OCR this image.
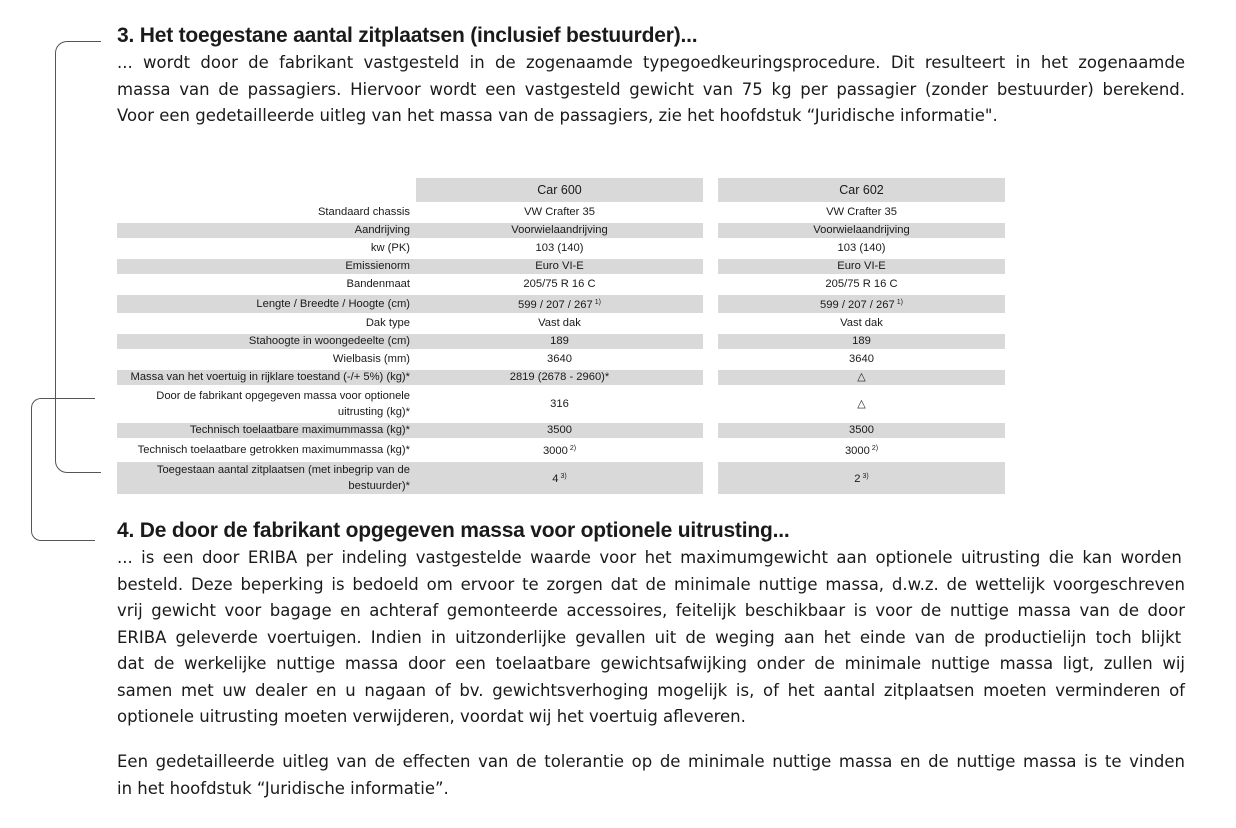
3. Het toegestane aantal zitplaatsen (inclusief bestuurder)...

... wordt door de fabrikant vastgesteld in de zogenaamde typegoedkeuringsprocedure. Dit resulteert in het zogenaamde
massa van de passagiers. Hiervoor wordt een vastgesteld gewicht van 75 kg per passagier (zonder bestuurder) berekend.
Voor een gedetailleerde uitleg van het massa van de passagiers, zie het hoofdstuk “Juridische informatie".

	Car 600		Car 602
Standaard chassis	VW Crafter 35		VW Crafter 35
Aandrijving	Voorwielaandrijving		Voorwielaandrijving
kw (PK)	103 (140)		103 (140)
Emissienorm	Euro VI-E		Euro VI-E
Bandenmaat	205/75 R 16 C		205/75 R 16 C
Lengte / Breedte / Hoogte (cm)	599 / 207 / 267 $^{1)}$		599 / 207 / 267 $^{1)}$
Dak type	Vast dak		Vast dak
Stahoogte in woongedeelte (cm)	189		189
Wielbasis (mm)	3640		3640
Massa van het voertuig in rijklare toestand (-/+ 5%) (kg)*	2819 (2678 - 2960)*		△
Door de fabrikant opgegeven massa voor optionele uitrusting (kg)*	316		△
Technisch toelaatbare maximummassa (kg)*	3500		3500
Technisch toelaatbare getrokken maximummassa (kg)*	3000 $^{2)}$		3000 $^{2)}$
Toegestaan aantal zitplaatsen (met inbegrip van de bestuurder)*	4 $^{3)}$		2 $^{3)}$
4. De door de fabrikant opgegeven massa voor optionele uitrusting...

... is een door ERIBA per indeling vastgestelde waarde voor het maximumgewicht aan optionele uitrusting die kan worden
besteld. Deze beperking is bedoeld om ervoor te zorgen dat de minimale nuttige massa, d.w.z. de wettelijk voorgeschreven
vrij gewicht voor bagage en achteraf gemonteerde accessoires, feitelijk beschikbaar is voor de nuttige massa van de door
ERIBA geleverde voertuigen. Indien in uitzonderlijke gevallen uit de weging aan het einde van de productielijn toch blijkt
dat de werkelijke nuttige massa door een toelaatbare gewichtsafwijking onder de minimale nuttige massa ligt, zullen wij
samen met uw dealer en u nagaan of bv. gewichtsverhoging mogelijk is, of het aantal zitplaatsen moeten verminderen of
optionele uitrusting moeten verwijderen, voordat wij het voertuig afleveren.

Een gedetailleerde uitleg van de effecten van de tolerantie op de minimale nuttige massa en de nuttige massa is te vinden
in het hoofdstuk “Juridische informatie”.
